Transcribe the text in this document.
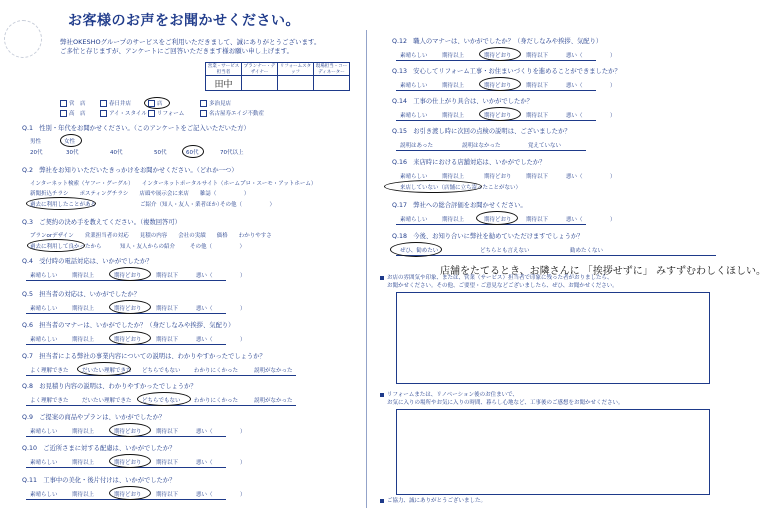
お客様のお声をお聞かせください。
弊社OKESHOグループのサービスをご利用いただきまして、誠にありがとうございます。
ご多忙と存じますが、アンケートにご回答いただきます様お願い申し上げます。
営業・サービス担当者	プランナー・デザイナー	リフォームスタッフ	現場担当・コーディネーター
田中			
営　店
高　店
春日井店
アイ・スタイル
店
リフォーム
多治見店
名古屋寿エイジ不動産
Q.1　性別・年代をお聞かせください。（このアンケートをご記入いただいた方）
男性	女性
20代	30代	40代	50代	60代	70代以上
Q.2　弊社をお知りいただいたきっかけをお聞かせください。（どれか一つ）
インターネット検索（ヤフー・グーグル）　　インターネットポータルサイト（ホームプロ・スーモ・アットホーム）
新聞折込チラシ　　ポスティングチラシ　　店頭や展示会に来店　　雑誌（　　　　　）
過去に利用したことがある	ご紹介（知人・友人・業者ほか）
その他（　　　　　）
Q.3　ご契約の決め手を教えてください。（複数回答可）
プランorデザイン　　営業担当者の対応　　見積の内容　　会社の実績　　価格　　わかりやすさ
過去に利用して良かったから	知人・友人からの紹介	その他（　　　　　）
Q.4　受付時の電話対応は、いかがでしたか？
素晴らしい	期待以上	期待どおり	期待以下	悪い（　　　　　）
Q.5　担当者の対応は、いかがでしたか？
素晴らしい	期待以上	期待どおり	期待以下	悪い（　　　　　）
Q.6　担当者のマナーは、いかがでしたか？（身だしなみや挨拶、気配り）
素晴らしい	期待以上	期待どおり	期待以下	悪い（　　　　　）
Q.7　担当者による弊社の事業内容についての説明は、わかりやすかったでしょうか？
よく理解できた だいたい理解できた どちらでもない わかりにくかった	説明がなかった
Q.8　お見積り内容の説明は、わかりやすかったでしょうか？
よく理解できた だいたい理解できた どちらでもない わかりにくかった	説明がなかった
Q.9　ご提案の商品やプランは、いかがでしたか？
素晴らしい	期待以上	期待どおり	期待以下	悪い（　　　　　）
Q.10　ご近所さまに対する配慮は、いかがでしたか？
素晴らしい	期待以上	期待どおり	期待以下	悪い（　　　　　）
Q.11　工事中の美化・後片付けは、いかがでしたか？
素晴らしい	期待以上	期待どおり	期待以下	悪い（　　　　　）
Q.12　職人のマナーは、いかがでしたか？（身だしなみや挨拶、気配り）
素晴らしい	期待以上	期待どおり	期待以下	悪い（　　　　　）
Q.13　安心してリフォーム工事・お住まいづくりを進めることができましたか？
素晴らしい	期待以上	期待どおり	期待以下	悪い（　　　　　）
Q.14　工事の仕上がり具合は、いかがでしたか？
素晴らしい	期待以上	期待どおり	期待以下	悪い（　　　　　）
Q.15　お引き渡し時に次回の点検の説明は、ございましたか？
説明はあった	説明はなかった	覚えていない
Q.16　来店時における店舗対応は、いかがでしたか？
素晴らしい	期待以上	期待どおり	期待以下	悪い（　　　　　）
来店していない（店舗に立ち寄ったことがない）
Q.17　弊社への総合評価をお聞かせください。
素晴らしい	期待以上	期待どおり	期待以下	悪い（　　　　　）
Q.18　今後、お知り合いに弊社を勧めていただけますでしょうか？
ぜひ、勧めたい	どちらとも言えない	勧めたくない
店舗をたてるとき、お隣さんに 「挨拶せずに」 みすずむわしくほしい。
お店の雰囲気や印象、または、営業（サービス）担当者で印象に残った者がおりましたら、
お聞かせください。その他、ご要望・ご意見などございましたら、ぜひ、お聞かせください。
リフォームまたは、リノベーション後のお住まいで、
お気に入りの場所やお気に入りの時間、暮らし心地など、工事後のご感想をお聞かせください。
ご協力、誠にありがとうございました。
